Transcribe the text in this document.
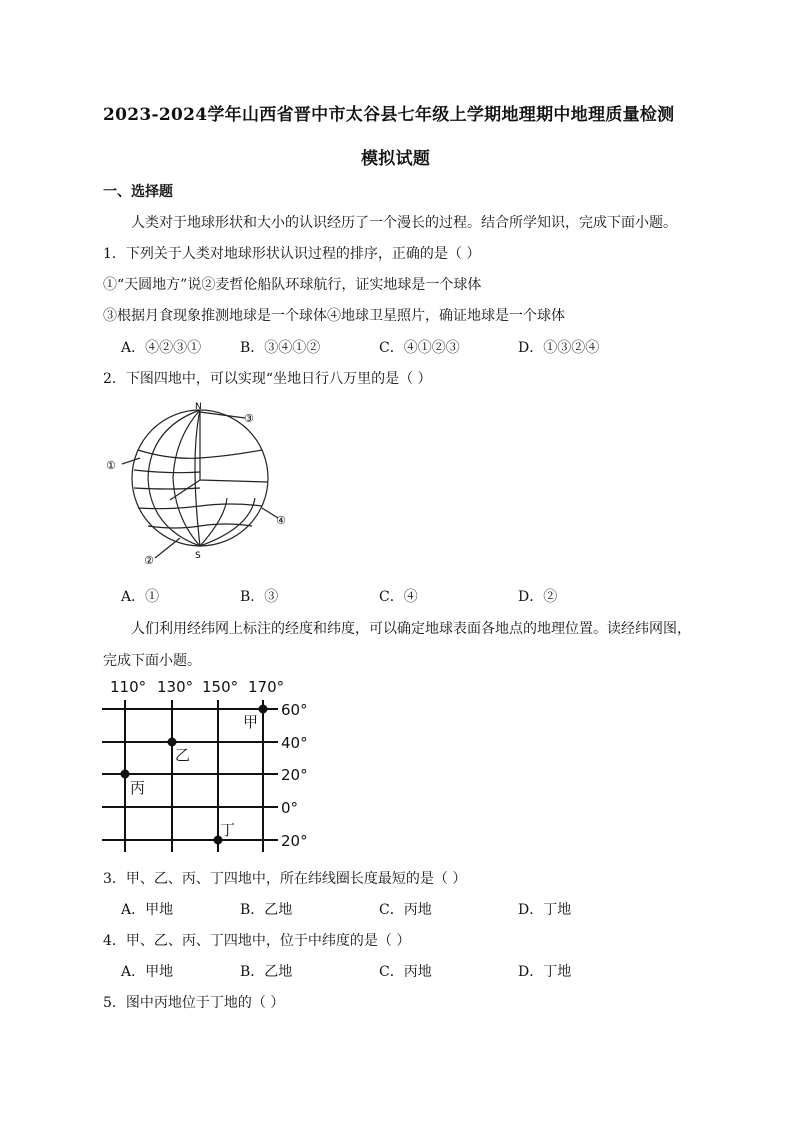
2023-2024学年山西省晋中市太谷县七年级上学期地理期中地理质量检测
模拟试题
一、选择题
人类对于地球形状和大小的认识经历了一个漫长的过程。结合所学知识，完成下面小题。
1．下列关于人类对地球形状认识过程的排序，正确的是（ ）
①“天圆地方”说②麦哲伦船队环球航行，证实地球是一个球体
③根据月食现象推测地球是一个球体④地球卫星照片，确证地球是一个球体
A．④②③①	B．③④①②	C．④①②③	D．①③②④
2．下图四地中，可以实现“坐地日行八万里的是（ ）
N
S
①
②
③
④
A．①	B．③	C．④	D．②
人们利用经纬网上标注的经度和纬度，可以确定地球表面各地点的地理位置。读经纬网图，
完成下面小题。
110° 130° 150° 170°
60°
40°
20°
0°
20°
甲
乙
丙
丁
3．甲、乙、丙、丁四地中，所在纬线圈长度最短的是（ ）
A．甲地	B．乙地	C．丙地	D．丁地
4．甲、乙、丙、丁四地中，位于中纬度的是（ ）
A．甲地	B．乙地	C．丙地	D．丁地
5．图中丙地位于丁地的（ ）
